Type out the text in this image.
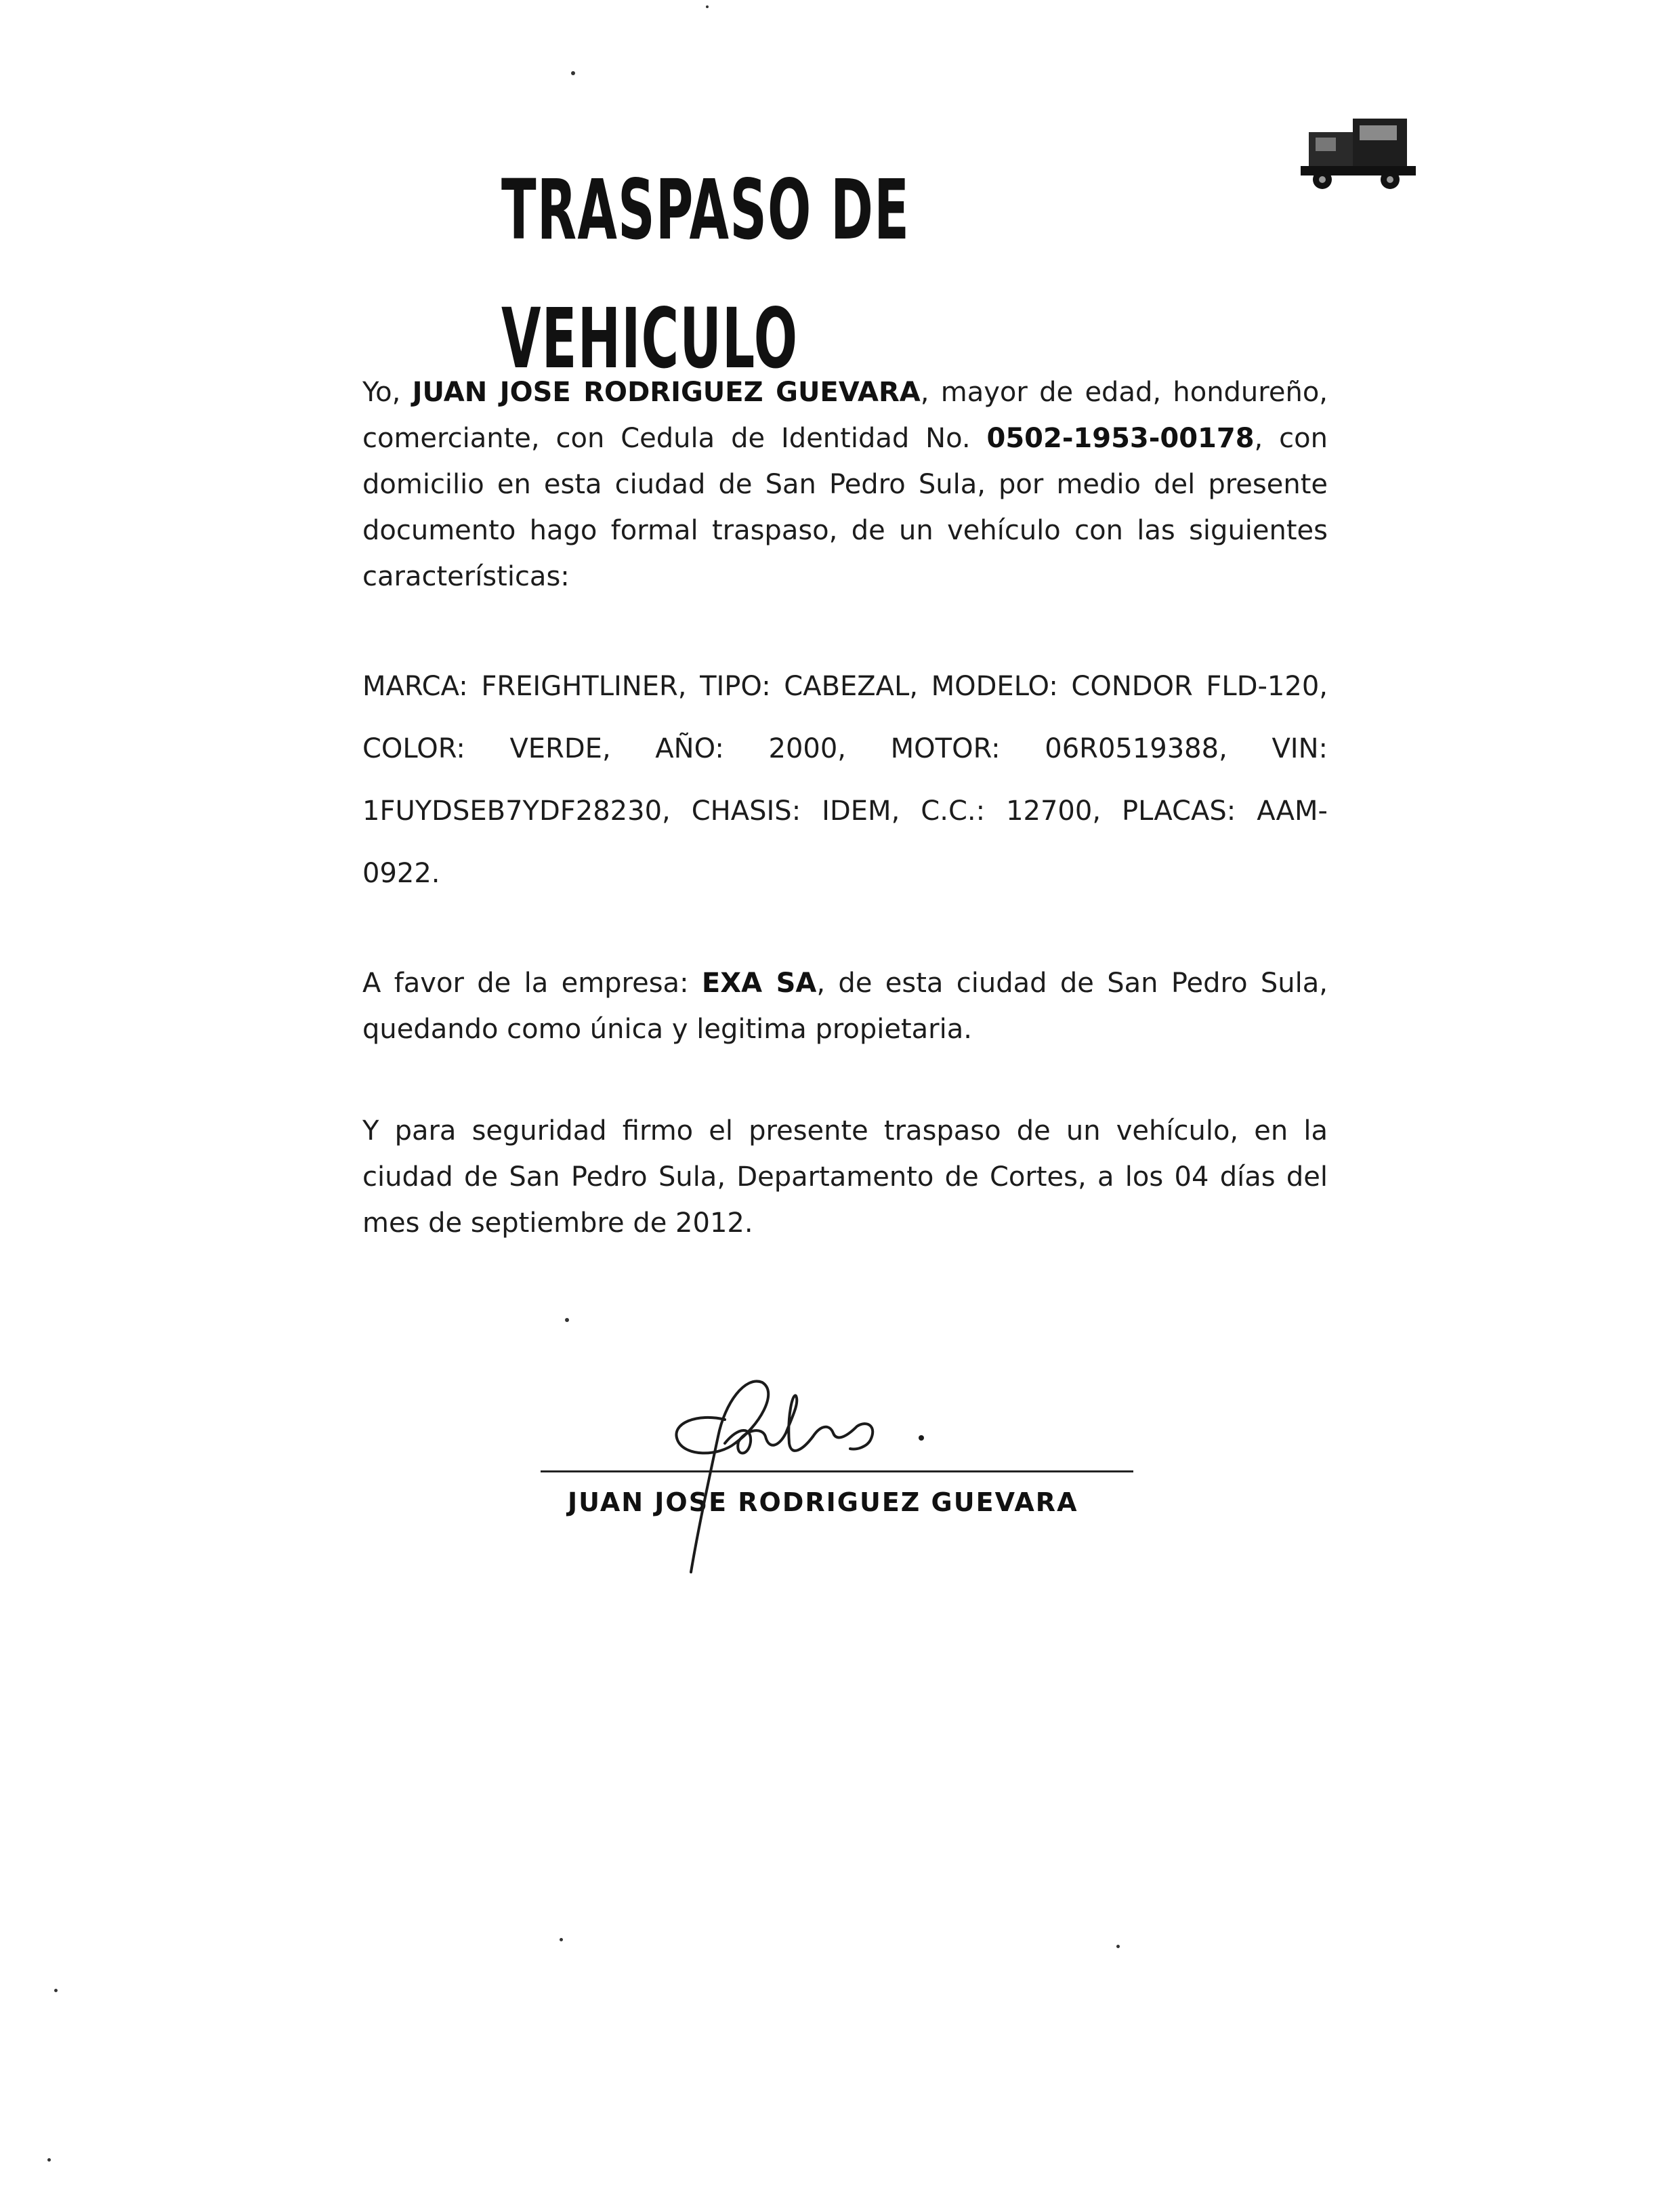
TRASPASO DE VEHICULO

Yo, JUAN JOSE RODRIGUEZ GUEVARA, mayor de edad, hondureño, comerciante, con Cedula de Identidad No. 0502-1953-00178, con domicilio en esta ciudad de San Pedro Sula, por medio del presente documento hago formal traspaso, de un vehículo con las siguientes características:

MARCA: FREIGHTLINER, TIPO: CABEZAL, MODELO: CONDOR FLD-120, COLOR: VERDE, AÑO: 2000, MOTOR: 06R0519388, VIN: 1FUYDSEB7YDF28230, CHASIS: IDEM, C.C.: 12700, PLACAS: AAM-0922.

A favor de la empresa: EXA SA, de esta ciudad de San Pedro Sula, quedando como única y legitima propietaria.

Y para seguridad firmo el presente traspaso de un vehículo, en la ciudad de San Pedro Sula, Departamento de Cortes, a los 04 días del mes de septiembre de 2012.

JUAN JOSE RODRIGUEZ GUEVARA
